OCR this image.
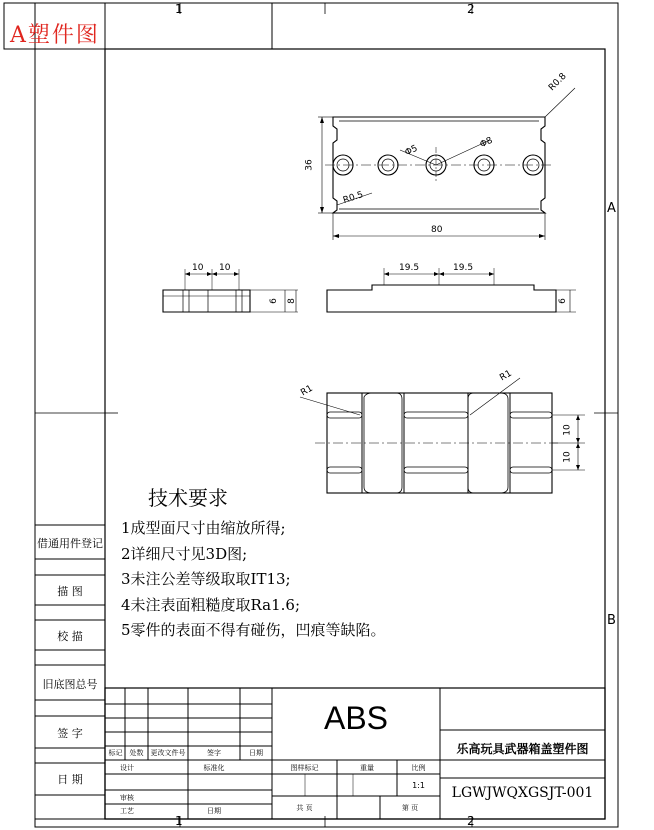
A塑件图
1	2
1	2
A
B
借通用件登记
描 图
校 描
旧底图总号
签 字
日 期
R0.8
Φ8
Φ5
36
R0.5
80
10 10
6 8
19.5	19.5
6
R1
R1
10
10
技术要求
1成型面尺寸由缩放所得;
2详细尺寸见3D图;
3未注公差等级取取IT13;
4未注表面粗糙度取Ra1.6;
5零件的表面不得有碰伤，凹痕等缺陷。
ABS
乐高玩具武器箱盖塑件图
LGWJWQXGSJT-001
标记	处数	更改文件号	签字	日期
设计	标准化
审核
工艺	日期
图样标记	重量	比例
1:1
共 页	第 页
